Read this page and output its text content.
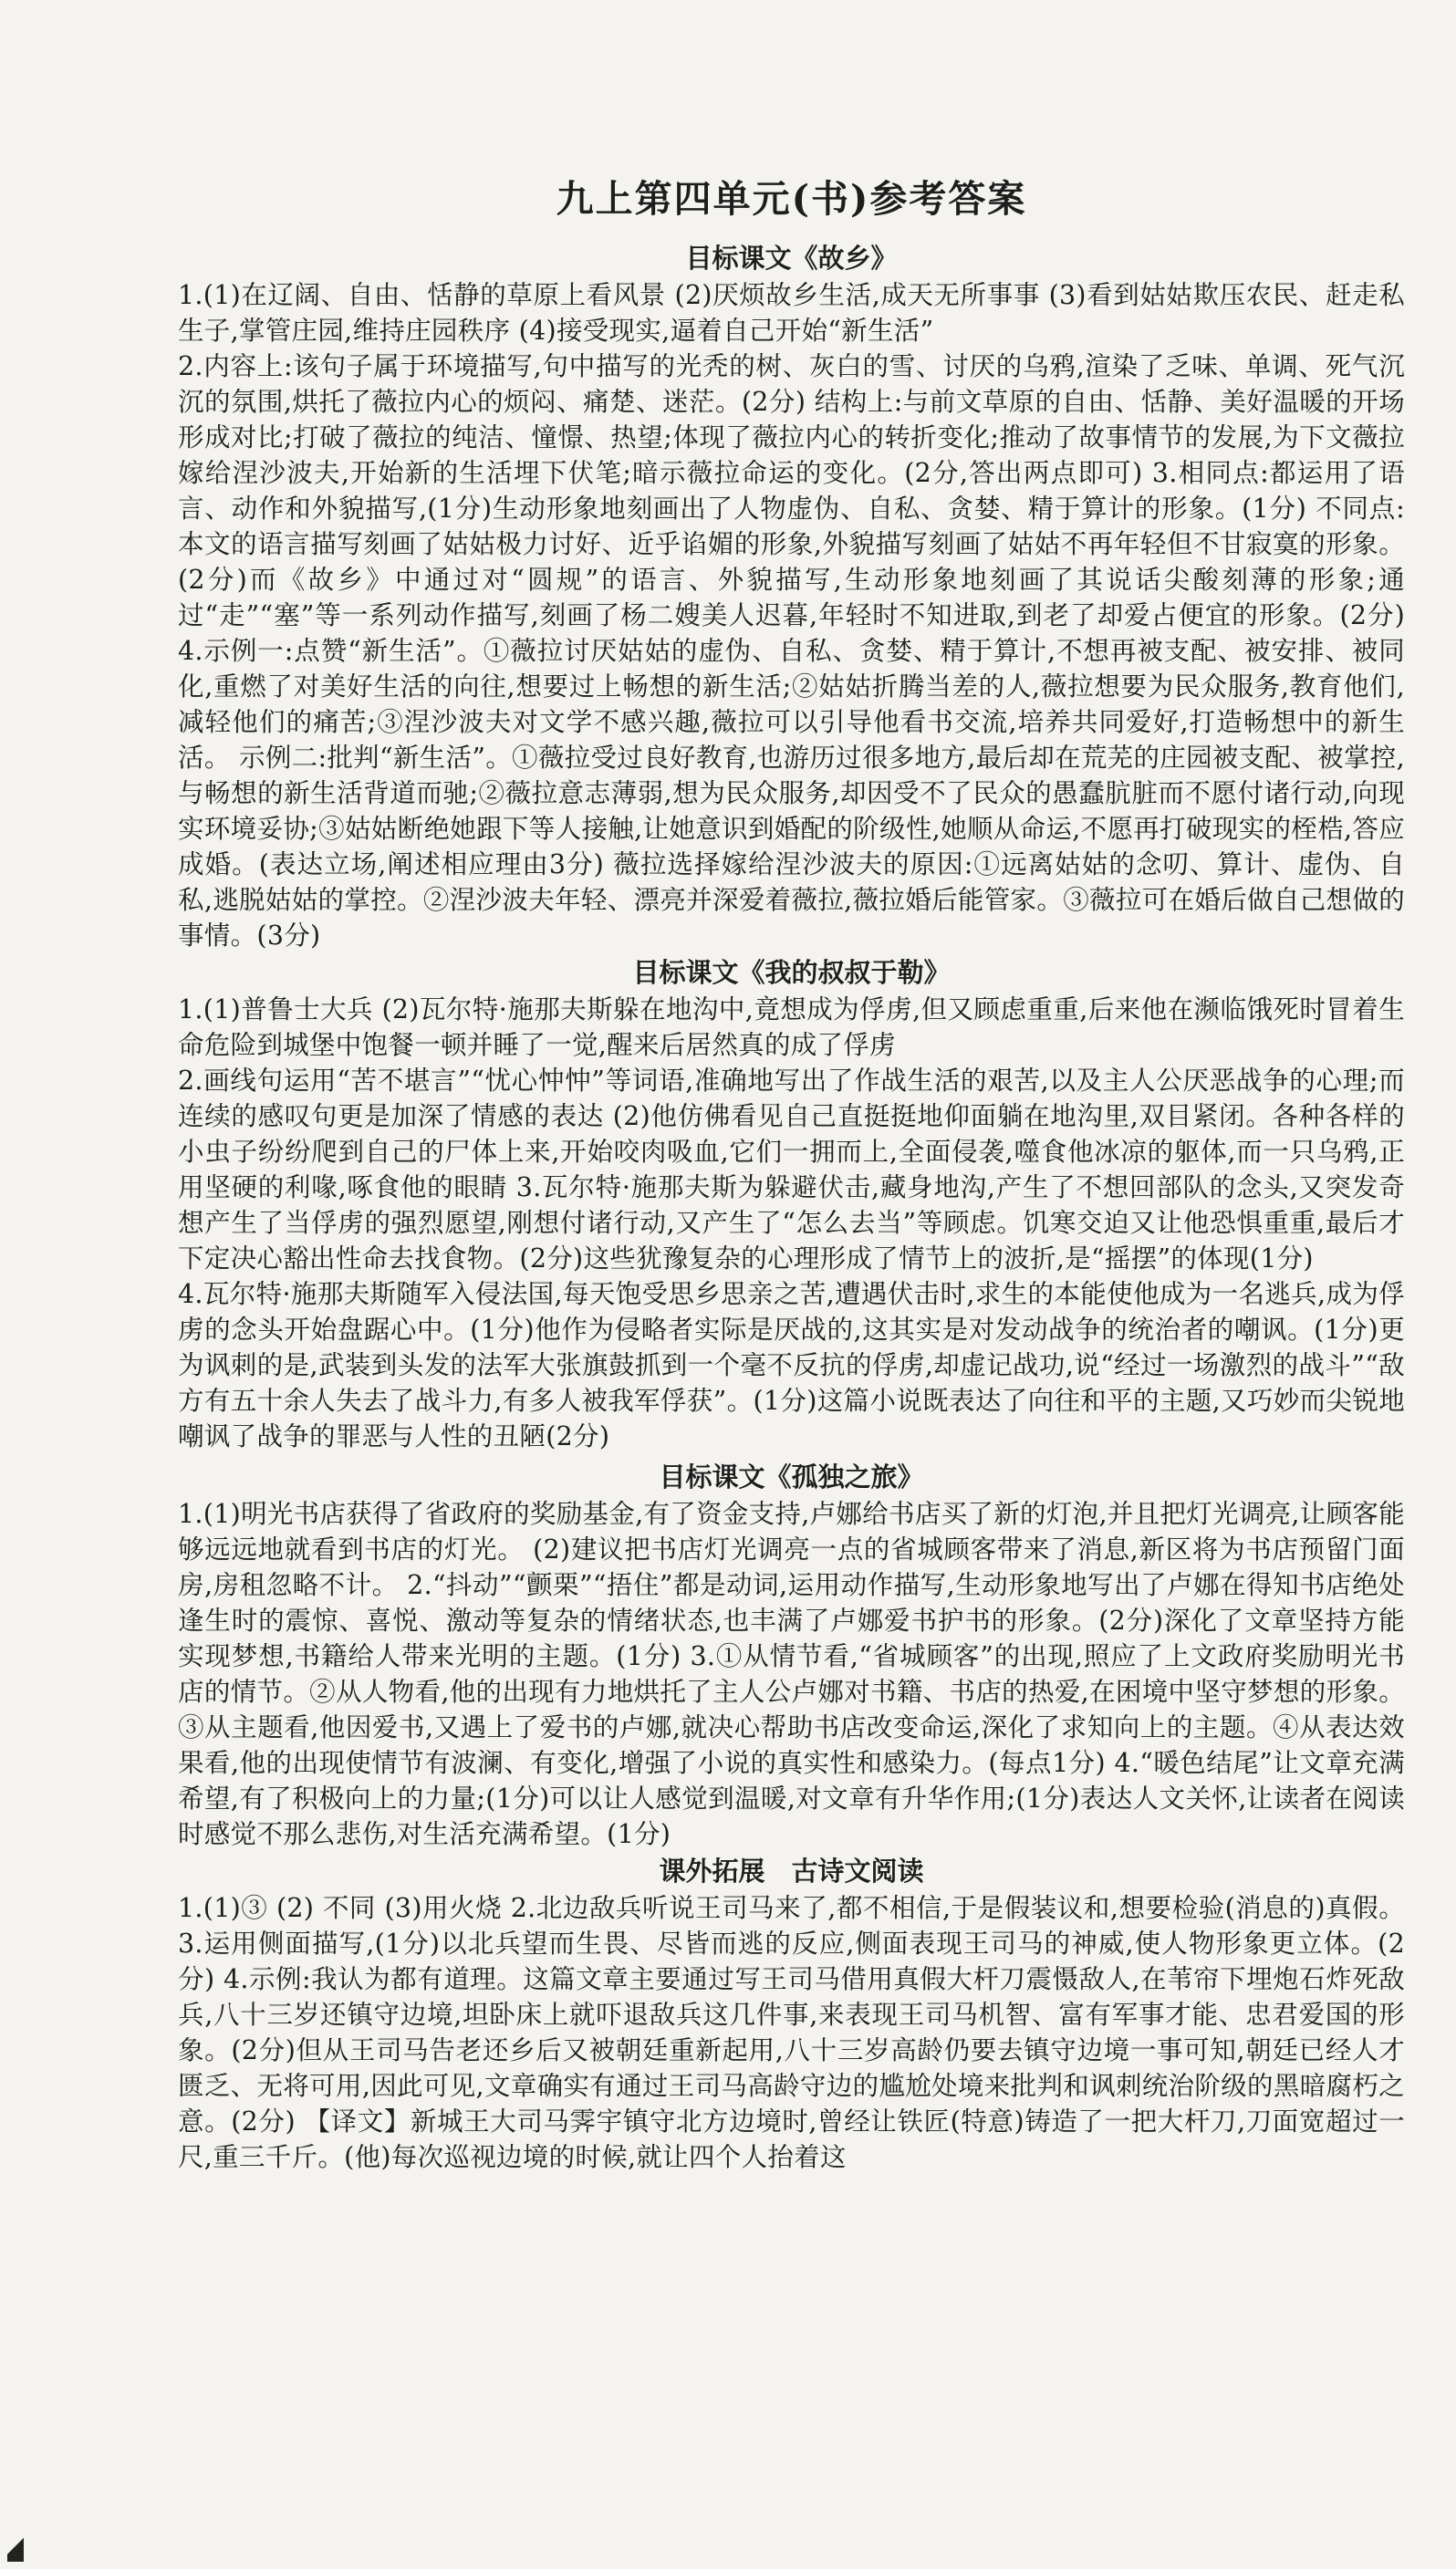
九上第四单元(书)参考答案
目标课文《故乡》

1.(1)在辽阔、自由、恬静的草原上看风景 (2)厌烦故乡生活,成天无所事事 (3)看到姑姑欺压农民、赶走私生子,掌管庄园,维持庄园秩序 (4)接受现实,逼着自己开始“新生活”

2.内容上:该句子属于环境描写,句中描写的光秃的树、灰白的雪、讨厌的乌鸦,渲染了乏味、单调、死气沉沉的氛围,烘托了薇拉内心的烦闷、痛楚、迷茫。(2分) 结构上:与前文草原的自由、恬静、美好温暖的开场形成对比;打破了薇拉的纯洁、憧憬、热望;体现了薇拉内心的转折变化;推动了故事情节的发展,为下文薇拉嫁给涅沙波夫,开始新的生活埋下伏笔;暗示薇拉命运的变化。(2分,答出两点即可) 3.相同点:都运用了语言、动作和外貌描写,(1分)生动形象地刻画出了人物虚伪、自私、贪婪、精于算计的形象。(1分) 不同点:本文的语言描写刻画了姑姑极力讨好、近乎谄媚的形象,外貌描写刻画了姑姑不再年轻但不甘寂寞的形象。(2分)而《故乡》中通过对“圆规”的语言、外貌描写,生动形象地刻画了其说话尖酸刻薄的形象;通过“走”“塞”等一系列动作描写,刻画了杨二嫂美人迟暮,年轻时不知进取,到老了却爱占便宜的形象。(2分) 4.示例一:点赞“新生活”。①薇拉讨厌姑姑的虚伪、自私、贪婪、精于算计,不想再被支配、被安排、被同化,重燃了对美好生活的向往,想要过上畅想的新生活;②姑姑折腾当差的人,薇拉想要为民众服务,教育他们,减轻他们的痛苦;③涅沙波夫对文学不感兴趣,薇拉可以引导他看书交流,培养共同爱好,打造畅想中的新生活。 示例二:批判“新生活”。①薇拉受过良好教育,也游历过很多地方,最后却在荒芜的庄园被支配、被掌控,与畅想的新生活背道而驰;②薇拉意志薄弱,想为民众服务,却因受不了民众的愚蠢肮脏而不愿付诸行动,向现实环境妥协;③姑姑断绝她跟下等人接触,让她意识到婚配的阶级性,她顺从命运,不愿再打破现实的桎梏,答应成婚。(表达立场,阐述相应理由3分) 薇拉选择嫁给涅沙波夫的原因:①远离姑姑的念叨、算计、虚伪、自私,逃脱姑姑的掌控。②涅沙波夫年轻、漂亮并深爱着薇拉,薇拉婚后能管家。③薇拉可在婚后做自己想做的事情。(3分)

目标课文《我的叔叔于勒》

1.(1)普鲁士大兵 (2)瓦尔特·施那夫斯躲在地沟中,竟想成为俘虏,但又顾虑重重,后来他在濒临饿死时冒着生命危险到城堡中饱餐一顿并睡了一觉,醒来后居然真的成了俘虏

2.画线句运用“苦不堪言”“忧心忡忡”等词语,准确地写出了作战生活的艰苦,以及主人公厌恶战争的心理;而连续的感叹句更是加深了情感的表达 (2)他仿佛看见自己直挺挺地仰面躺在地沟里,双目紧闭。各种各样的小虫子纷纷爬到自己的尸体上来,开始咬肉吸血,它们一拥而上,全面侵袭,噬食他冰凉的躯体,而一只乌鸦,正用坚硬的利喙,啄食他的眼睛 3.瓦尔特·施那夫斯为躲避伏击,藏身地沟,产生了不想回部队的念头,又突发奇想产生了当俘虏的强烈愿望,刚想付诸行动,又产生了“怎么去当”等顾虑。饥寒交迫又让他恐惧重重,最后才下定决心豁出性命去找食物。(2分)这些犹豫复杂的心理形成了情节上的波折,是“摇摆”的体现(1分)

4.瓦尔特·施那夫斯随军入侵法国,每天饱受思乡思亲之苦,遭遇伏击时,求生的本能使他成为一名逃兵,成为俘虏的念头开始盘踞心中。(1分)他作为侵略者实际是厌战的,这其实是对发动战争的统治者的嘲讽。(1分)更为讽刺的是,武装到头发的法军大张旗鼓抓到一个毫不反抗的俘虏,却虚记战功,说“经过一场激烈的战斗”“敌方有五十余人失去了战斗力,有多人被我军俘获”。(1分)这篇小说既表达了向往和平的主题,又巧妙而尖锐地嘲讽了战争的罪恶与人性的丑陋(2分)

目标课文《孤独之旅》

1.(1)明光书店获得了省政府的奖励基金,有了资金支持,卢娜给书店买了新的灯泡,并且把灯光调亮,让顾客能够远远地就看到书店的灯光。 (2)建议把书店灯光调亮一点的省城顾客带来了消息,新区将为书店预留门面房,房租忽略不计。 2.“抖动”“颤栗”“捂住”都是动词,运用动作描写,生动形象地写出了卢娜在得知书店绝处逢生时的震惊、喜悦、激动等复杂的情绪状态,也丰满了卢娜爱书护书的形象。(2分)深化了文章坚持方能实现梦想,书籍给人带来光明的主题。(1分) 3.①从情节看,“省城顾客”的出现,照应了上文政府奖励明光书店的情节。②从人物看,他的出现有力地烘托了主人公卢娜对书籍、书店的热爱,在困境中坚守梦想的形象。③从主题看,他因爱书,又遇上了爱书的卢娜,就决心帮助书店改变命运,深化了求知向上的主题。④从表达效果看,他的出现使情节有波澜、有变化,增强了小说的真实性和感染力。(每点1分) 4.“暖色结尾”让文章充满希望,有了积极向上的力量;(1分)可以让人感觉到温暖,对文章有升华作用;(1分)表达人文关怀,让读者在阅读时感觉不那么悲伤,对生活充满希望。(1分)

课外拓展　古诗文阅读

1.(1)③ (2) 不同 (3)用火烧 2.北边敌兵听说王司马来了,都不相信,于是假装议和,想要检验(消息的)真假。 3.运用侧面描写,(1分)以北兵望而生畏、尽皆而逃的反应,侧面表现王司马的神威,使人物形象更立体。(2分) 4.示例:我认为都有道理。这篇文章主要通过写王司马借用真假大杆刀震慑敌人,在苇帘下埋炮石炸死敌兵,八十三岁还镇守边境,坦卧床上就吓退敌兵这几件事,来表现王司马机智、富有军事才能、忠君爱国的形象。(2分)但从王司马告老还乡后又被朝廷重新起用,八十三岁高龄仍要去镇守边境一事可知,朝廷已经人才匮乏、无将可用,因此可见,文章确实有通过王司马高龄守边的尴尬处境来批判和讽刺统治阶级的黑暗腐朽之意。(2分) 【译文】新城王大司马霁宇镇守北方边境时,曾经让铁匠(特意)铸造了一把大杆刀,刀面宽超过一尺,重三千斤。(他)每次巡视边境的时候,就让四个人抬着这
